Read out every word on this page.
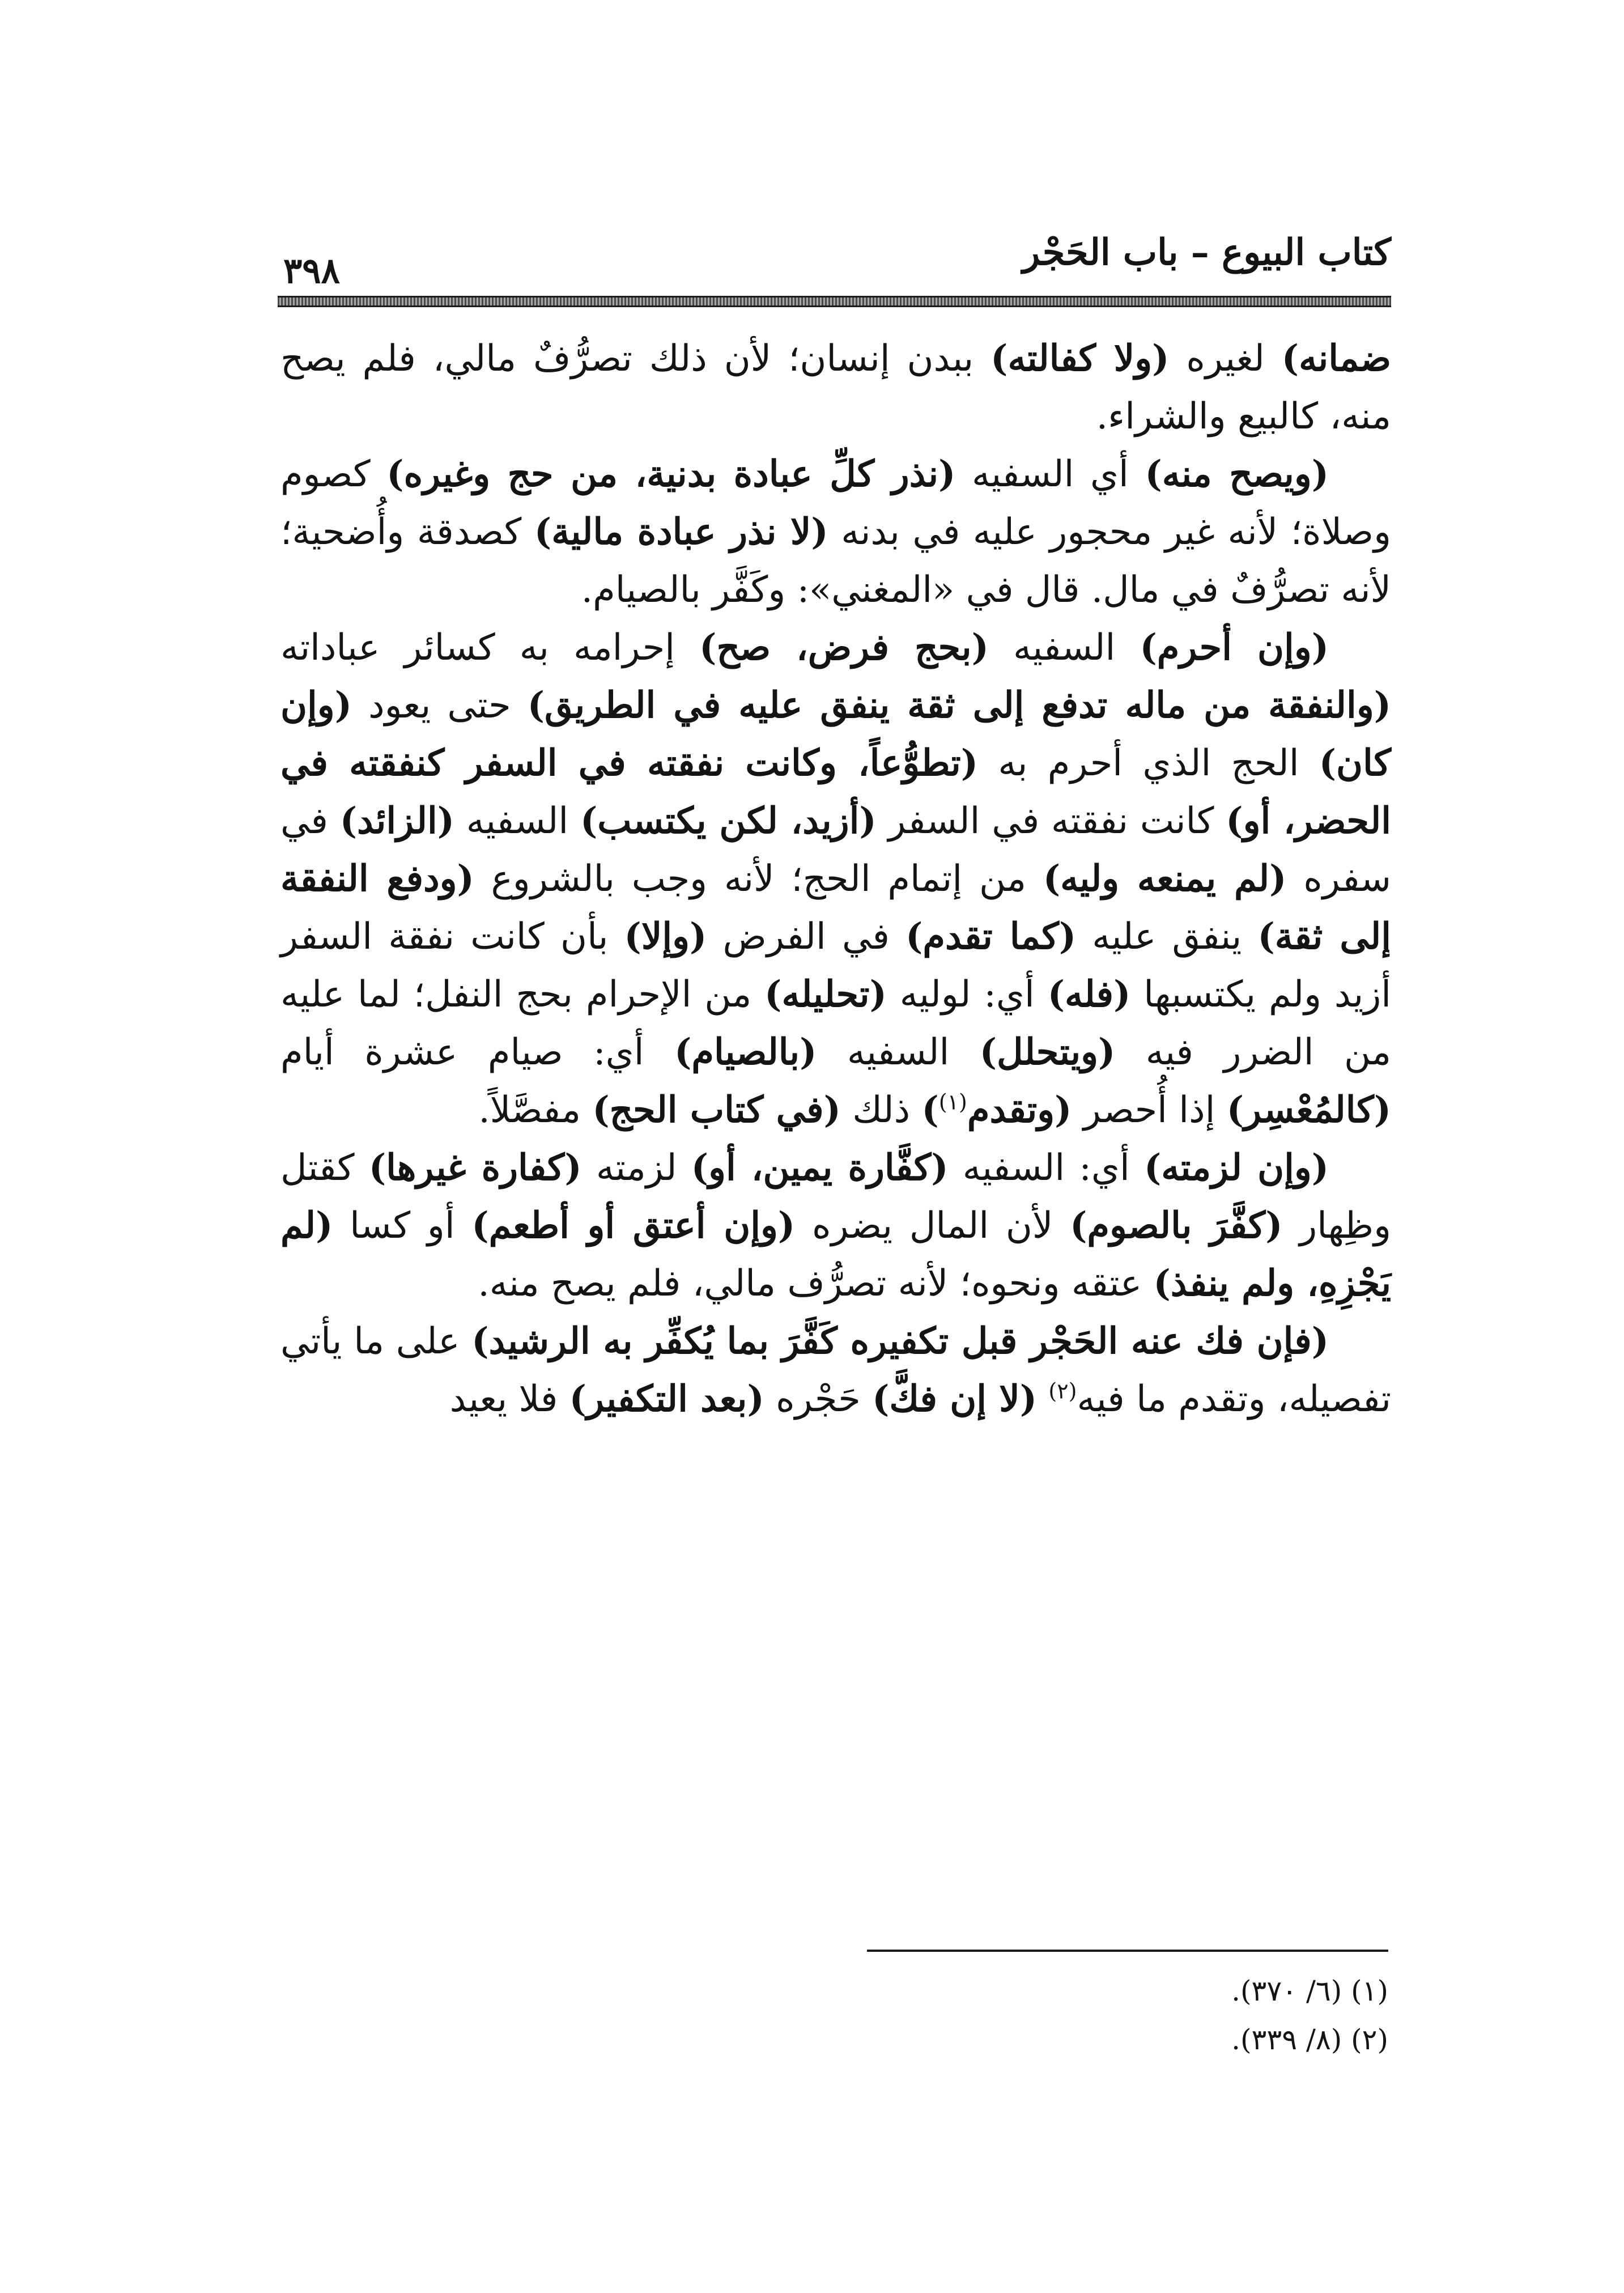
كتاب البيوع – باب الحَجْر
٣٩٨

ضمانه) لغيره (ولا كفالته) ببدن إنسان؛ لأن ذلك تصرُّفٌ مالي، فلم يصح منه، كالبيع والشراء.

(ويصح منه) أي السفيه (نذر كلِّ عبادة بدنية، من حج وغيره) كصوم وصلاة؛ لأنه غير محجور عليه في بدنه (لا نذر عبادة مالية) كصدقة وأُضحية؛ لأنه تصرُّفٌ في مال. قال في «المغني»: وكَفَّر بالصيام.

(وإن أحرم) السفيه (بحج فرض، صح) إحرامه به كسائر عباداته (والنفقة من ماله تدفع إلى ثقة ينفق عليه في الطريق) حتى يعود (وإن كان) الحج الذي أحرم به (تطوُّعاً، وكانت نفقته في السفر كنفقته في الحضر، أو) كانت نفقته في السفر (أزيد، لكن يكتسب) السفيه (الزائد) في سفره (لم يمنعه وليه) من إتمام الحج؛ لأنه وجب بالشروع (ودفع النفقة إلى ثقة) ينفق عليه (كما تقدم) في الفرض (وإلا) بأن كانت نفقة السفر أزيد ولم يكتسبها (فله) أي: لوليه (تحليله) من الإحرام بحج النفل؛ لما عليه من الضرر فيه (ويتحلل) السفيه (بالصيام) أي: صيام عشرة أيام (كالمُعْسِر) إذا أُحصر (وتقدم$^{(١)}$) ذلك (في كتاب الحج) مفصَّلاً.

(وإن لزمته) أي: السفيه (كفَّارة يمين، أو) لزمته (كفارة غيرها) كقتل وظِهار (كفَّرَ بالصوم) لأن المال يضره (وإن أعتق أو أطعم) أو كسا (لم يَجْزِهِ، ولم ينفذ) عتقه ونحوه؛ لأنه تصرُّف مالي، فلم يصح منه.

(فإن فك عنه الحَجْر قبل تكفيره كَفَّرَ بما يُكفِّر به الرشيد) على ما يأتي تفصيله، وتقدم ما فيه$^{(٢)}$ (لا إن فكَّ) حَجْره (بعد التكفير) فلا يعيد

(١) (٦/ ٣٧٠).

(٢) (٨/ ٣٣٩).
